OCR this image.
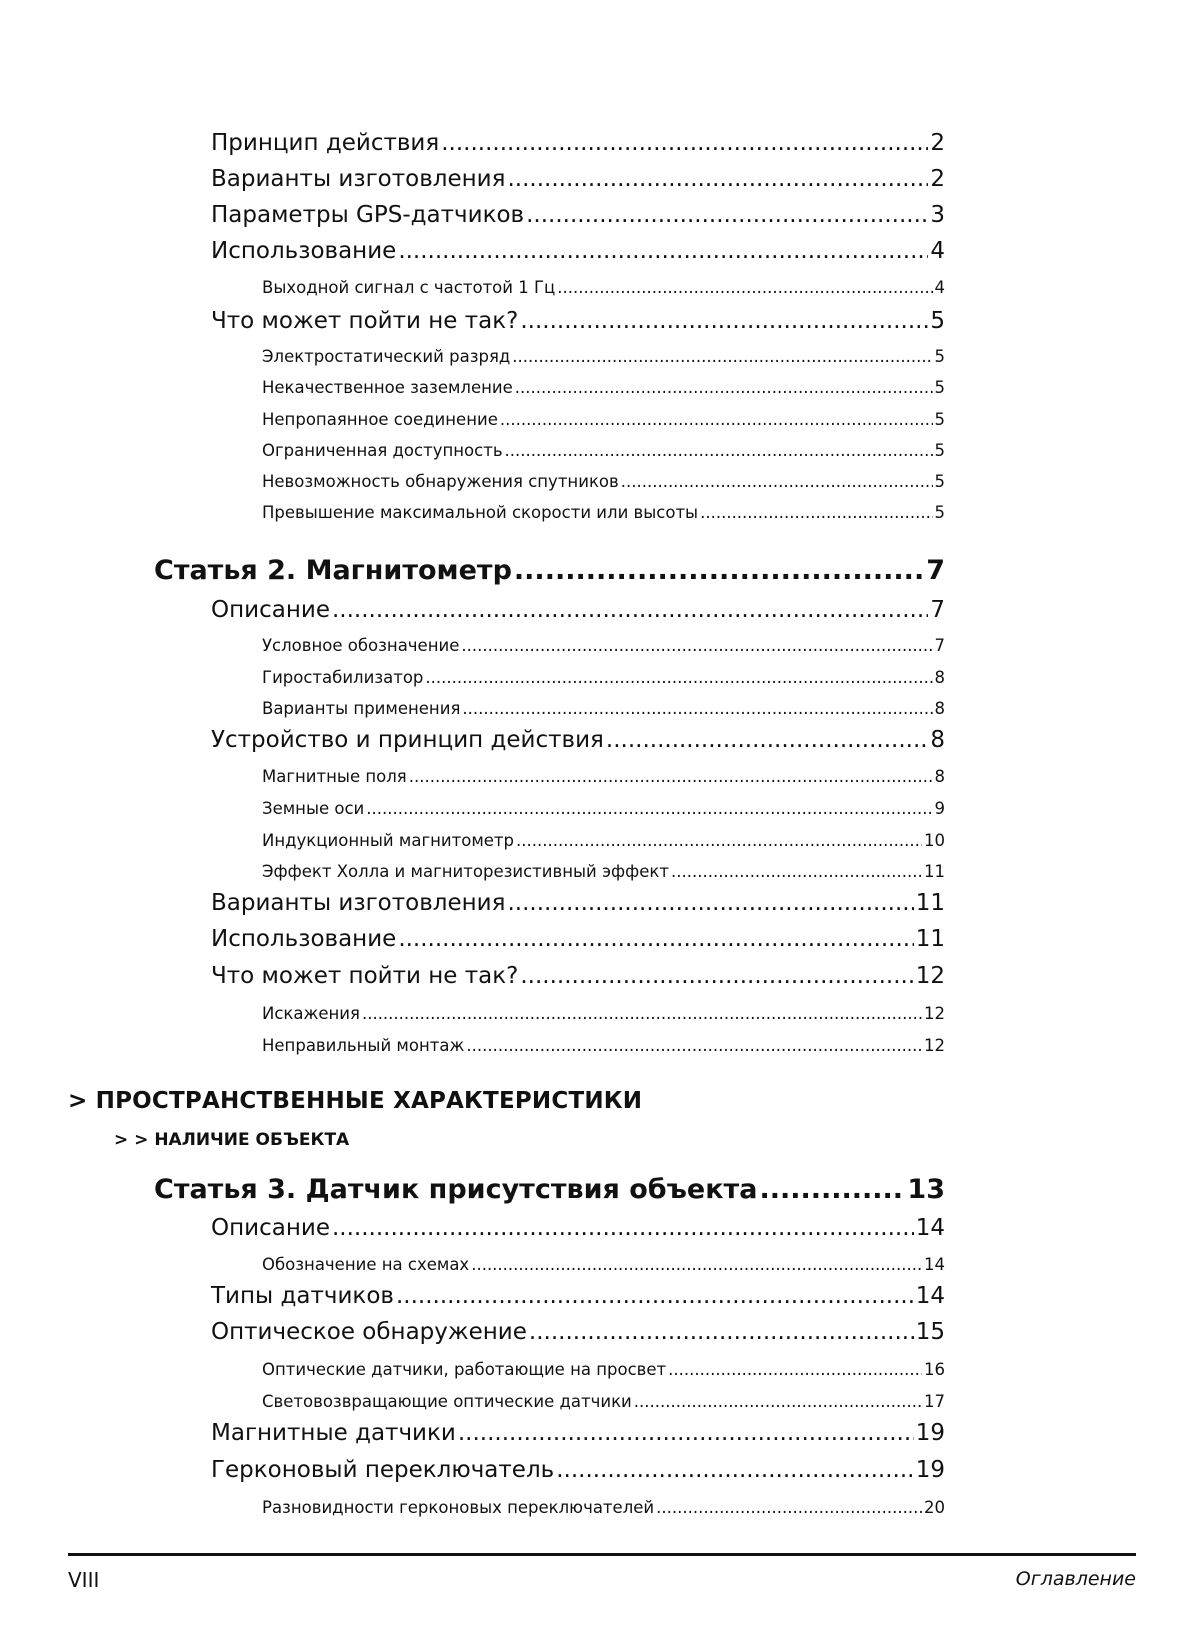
Принцип действия .....	2
Варианты изготовления .....	2
Параметры GPS-датчиков .....	3
Использование .....	4
Выходной сигнал с частотой 1 Гц .....	4
Что может пойти не так? .....	5
Электростатический разряд .....	5
Некачественное заземление .....	5
Непропаянное соединение .....	5
Ограниченная доступность .....	5
Невозможность обнаружения спутников .....	5
Превышение максимальной скорости или высоты .....	5
Статья 2. Магнитометр .....	7
Описание .....	7
Условное обозначение .....	7
Гиростабилизатор .....	8
Варианты применения .....	8
Устройство и принцип действия .....	8
Магнитные поля .....	8
Земные оси .....	9
Индукционный магнитометр .....	10
Эффект Холла и магниторезистивный эффект .....	11
Варианты изготовления .....	11
Использование .....	11
Что может пойти не так? .....	12
Искажения .....	12
Неправильный монтаж .....	12
> ПРОСТРАНСТВЕННЫЕ ХАРАКТЕРИСТИКИ
> > НАЛИЧИЕ ОБЪЕКТА
Статья 3. Датчик присутствия объекта .....	13
Описание .....	14
Обозначение на схемах .....	14
Типы датчиков .....	14
Оптическое обнаружение .....	15
Оптические датчики, работающие на просвет .....	16
Световозвращающие оптические датчики .....	17
Магнитные датчики .....	19
Герконовый переключатель .....	19
Разновидности герконовых переключателей .....	20
VIII	Оглавление
